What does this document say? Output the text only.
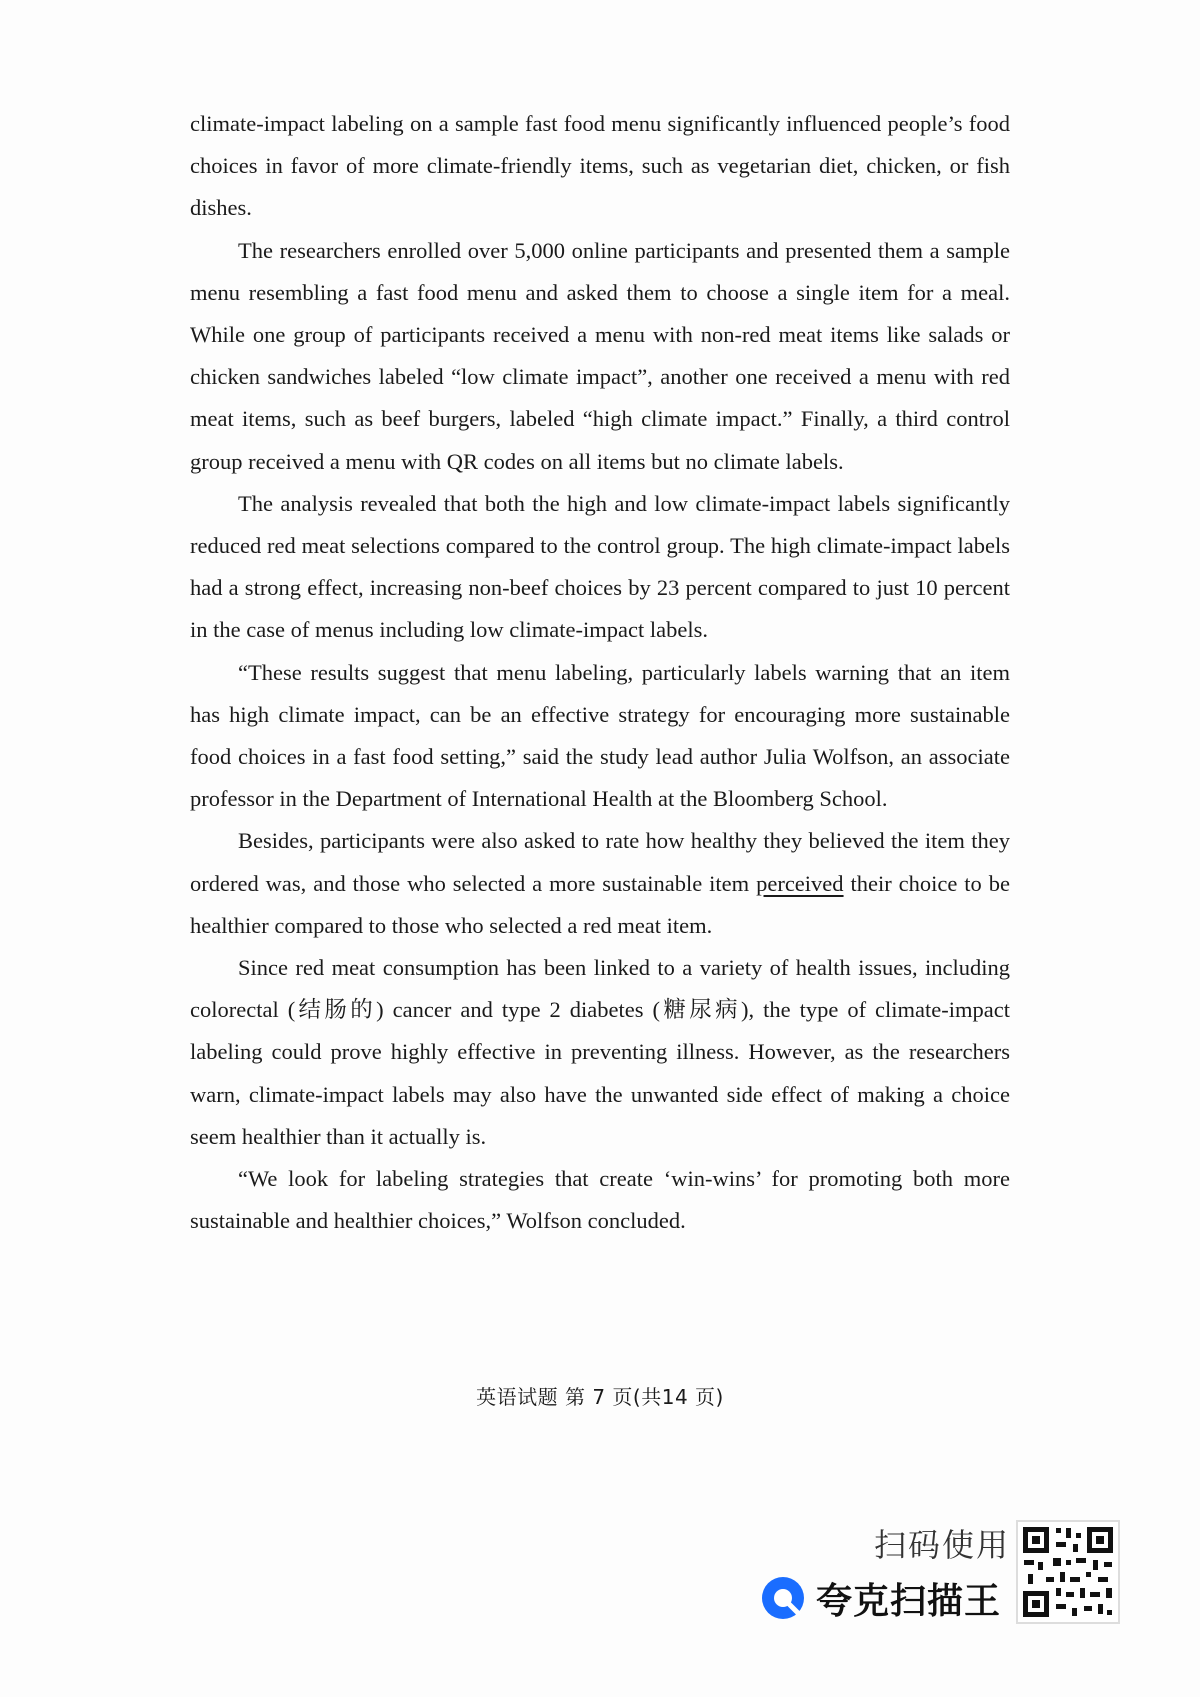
climate-impact labeling on a sample fast food menu significantly influenced people’s food choices in favor of more climate-friendly items, such as vegetarian diet, chicken, or fish dishes.

The researchers enrolled over 5,000 online participants and presented them a sample menu resembling a fast food menu and asked them to choose a single item for a meal. While one group of participants received a menu with non-red meat items like salads or chicken sandwiches labeled “low climate impact”, another one received a menu with red meat items, such as beef burgers, labeled “high climate impact.” Finally, a third control group received a menu with QR codes on all items but no climate labels.

The analysis revealed that both the high and low climate-impact labels significantly reduced red meat selections compared to the control group. The high climate-impact labels had a strong effect, increasing non-beef choices by 23 percent compared to just 10 percent in the case of menus including low climate-impact labels.

“These results suggest that menu labeling, particularly labels warning that an item has high climate impact, can be an effective strategy for encouraging more sustainable food choices in a fast food setting,” said the study lead author Julia Wolfson, an associate professor in the Department of International Health at the Bloomberg School.

Besides, participants were also asked to rate how healthy they believed the item they ordered was, and those who selected a more sustainable item perceived their choice to be healthier compared to those who selected a red meat item.

Since red meat consumption has been linked to a variety of health issues, including colorectal (结肠的) cancer and type 2 diabetes (糖尿病), the type of climate-impact labeling could prove highly effective in preventing illness. However, as the researchers warn, climate-impact labels may also have the unwanted side effect of making a choice seem healthier than it actually is.

“We look for labeling strategies that create ‘win-wins’ for promoting both more sustainable and healthier choices,” Wolfson concluded.

英语试题 第 7 页(共14 页)
扫码使用
夸克扫描王
